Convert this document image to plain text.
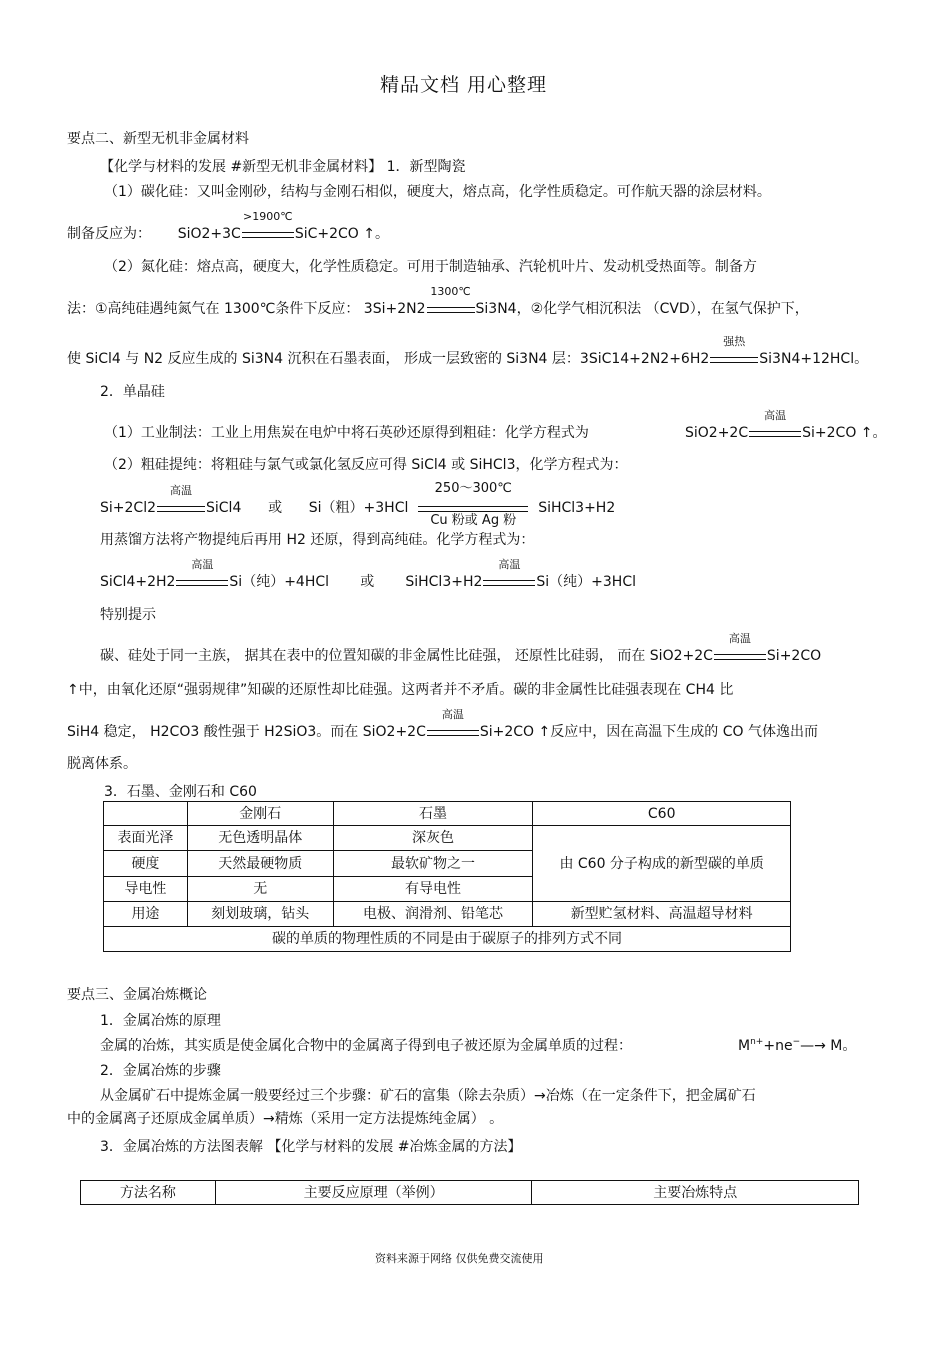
精品文档 用心整理
要点二、新型无机非金属材料
【化学与材料的发展 #新型无机非金属材料】 1．新型陶瓷
（1）碳化硅：又叫金刚砂，结构与金刚石相似，硬度大，熔点高，化学性质稳定。可作航天器的涂层材料。
制备反应为： SiO2+3C
>1900℃
SiC+2CO ↑。
（2）氮化硅：熔点高，硬度大，化学性质稳定。可用于制造轴承、汽轮机叶片、发动机受热面等。制备方
法：①高纯硅遇纯氮气在 1300℃条件下反应： 3Si+2N2
1300℃
Si3N4，②化学气相沉积法 （CVD），在氢气保护下，
使 SiCl4 与 N2 反应生成的 Si3N4 沉积在石墨表面， 形成一层致密的 Si3N4 层：3SiC14+2N2+6H2
强热
Si3N4+12HCl。
2．单晶硅
（1）工业制法：工业上用焦炭在电炉中将石英砂还原得到粗硅：化学方程式为	SiO2+2C
高温
Si+2CO ↑。
（2）粗硅提纯：将粗硅与氯气或氯化氢反应可得 SiCl4 或 SiHCl3，化学方程式为：
Si+2Cl2
高温
SiCl4 或 Si（粗）+3HCl
250～300℃
Cu 粉或 Ag 粉
SiHCl3+H2
用蒸馏方法将产物提纯后再用 H2 还原，得到高纯硅。化学方程式为：
SiCl4+2H2
高温
Si（纯）+4HCl 或 SiHCl3+H2
高温
Si（纯）+3HCl
特别提示
碳、硅处于同一主族， 据其在表中的位置知碳的非金属性比硅强， 还原性比硅弱， 而在 SiO2+2C
高温
Si+2CO
↑中，由氧化还原“强弱规律”知碳的还原性却比硅强。这两者并不矛盾。碳的非金属性比硅强表现在 CH4 比
SiH4 稳定， H2CO3 酸性强于 H2SiO3。而在 SiO2+2C
高温
Si+2CO ↑反应中，因在高温下生成的 CO 气体逸出而
脱离体系。
3．石墨、金刚石和 C60
	金刚石	石墨	C60
表面光泽	无色透明晶体	深灰色	由 C60 分子构成的新型碳的单质
硬度	天然最硬物质	最软矿物之一	
导电性	无	有导电性	
用途	刻划玻璃，钻头	电极、润滑剂、铅笔芯	新型贮氢材料、高温超导材料
碳的单质的物理性质的不同是由于碳原子的排列方式不同			
要点三、金属冶炼概论
1．金属冶炼的原理
金属的冶炼，其实质是使金属化合物中的金属离子得到电子被还原为金属单质的过程：	$M^{n+}+ne^-—\to M$。
2．金属冶炼的步骤
从金属矿石中提炼金属一般要经过三个步骤：矿石的富集（除去杂质）→冶炼（在一定条件下，把金属矿石
中的金属离子还原成金属单质）→精炼（采用一定方法提炼纯金属） 。
3．金属冶炼的方法图表解 【化学与材料的发展 #冶炼金属的方法】
方法名称	主要反应原理（举例）	主要冶炼特点
资料来源于网络 仅供免费交流使用
